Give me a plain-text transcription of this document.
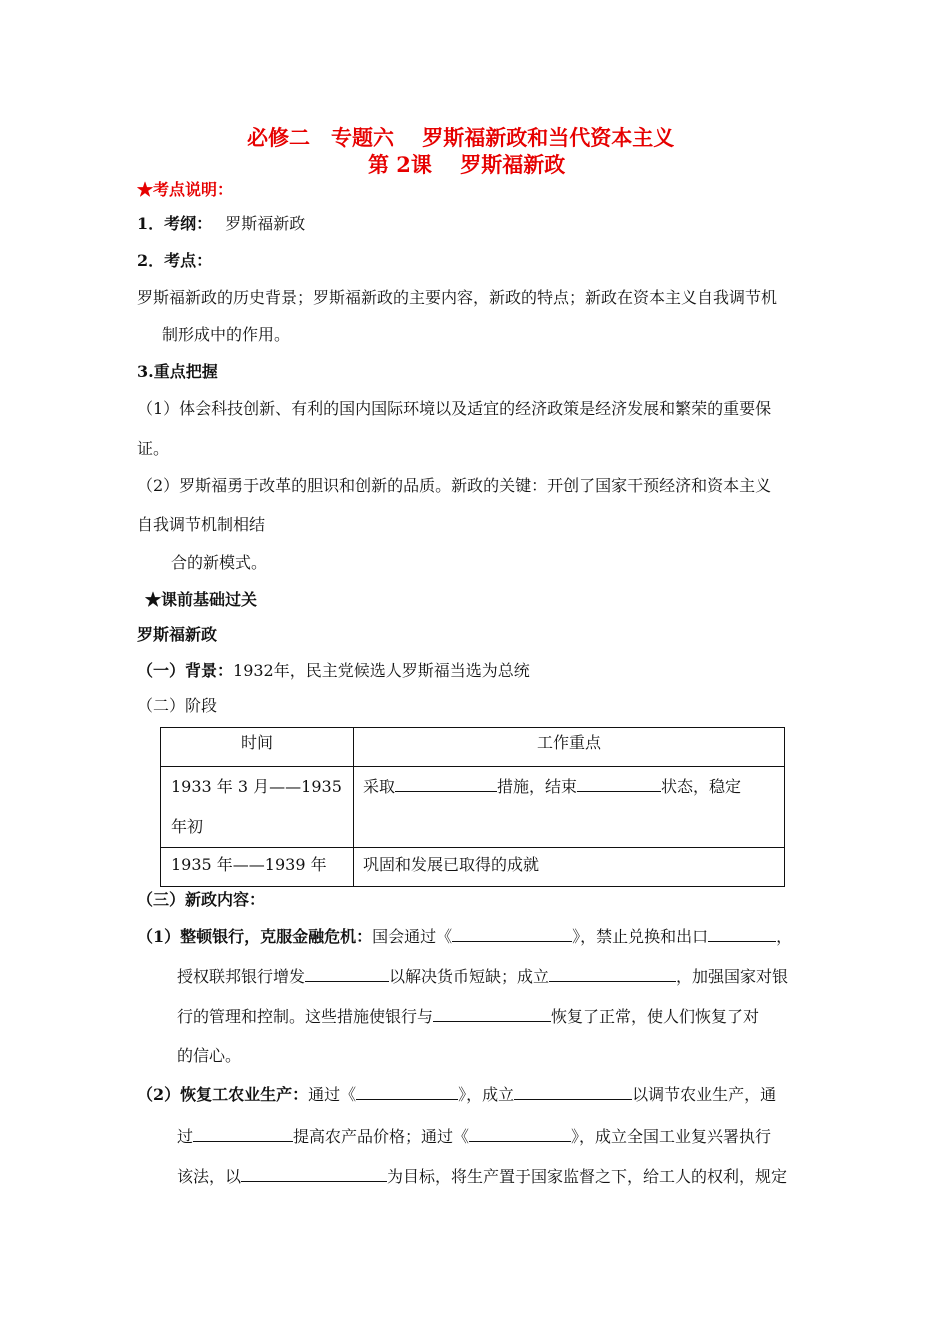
必修二　专题六　 罗斯福新政和当代资本主义
第 2课　 罗斯福新政
★考点说明：
1．考纲： 罗斯福新政
2．考点：
罗斯福新政的历史背景；罗斯福新政的主要内容，新政的特点；新政在资本主义自我调节机
制形成中的作用。
3.重点把握
（1）体会科技创新、有利的国内国际环境以及适宜的经济政策是经济发展和繁荣的重要保
证。
（2）罗斯福勇于改革的胆识和创新的品质。新政的关键：开创了国家干预经济和资本主义
自我调节机制相结
合的新模式。
★课前基础过关
罗斯福新政
（一）背景：1932年，民主党候选人罗斯福当选为总统
（二）阶段
时间	工作重点

1933 年 3 月——1935
年初	采取 措施，结束 状态，稳定
1935 年——1939 年	巩固和发展已取得的成就
（三）新政内容：
（1）整顿银行，克服金融危机：国会通过《	》，禁止兑换和出口	，
授权联邦银行增发	以解决货币短缺；成立	，加强国家对银
行的管理和控制。这些措施使银行与	恢复了正常，使人们恢复了对
的信心。
（2）恢复工农业生产：通过《	》，成立	以调节农业生产，通
过	提高农产品价格；通过《	》，成立全国工业复兴署执行
该法，以	为目标，将生产置于国家监督之下，给工人的权利，规定
